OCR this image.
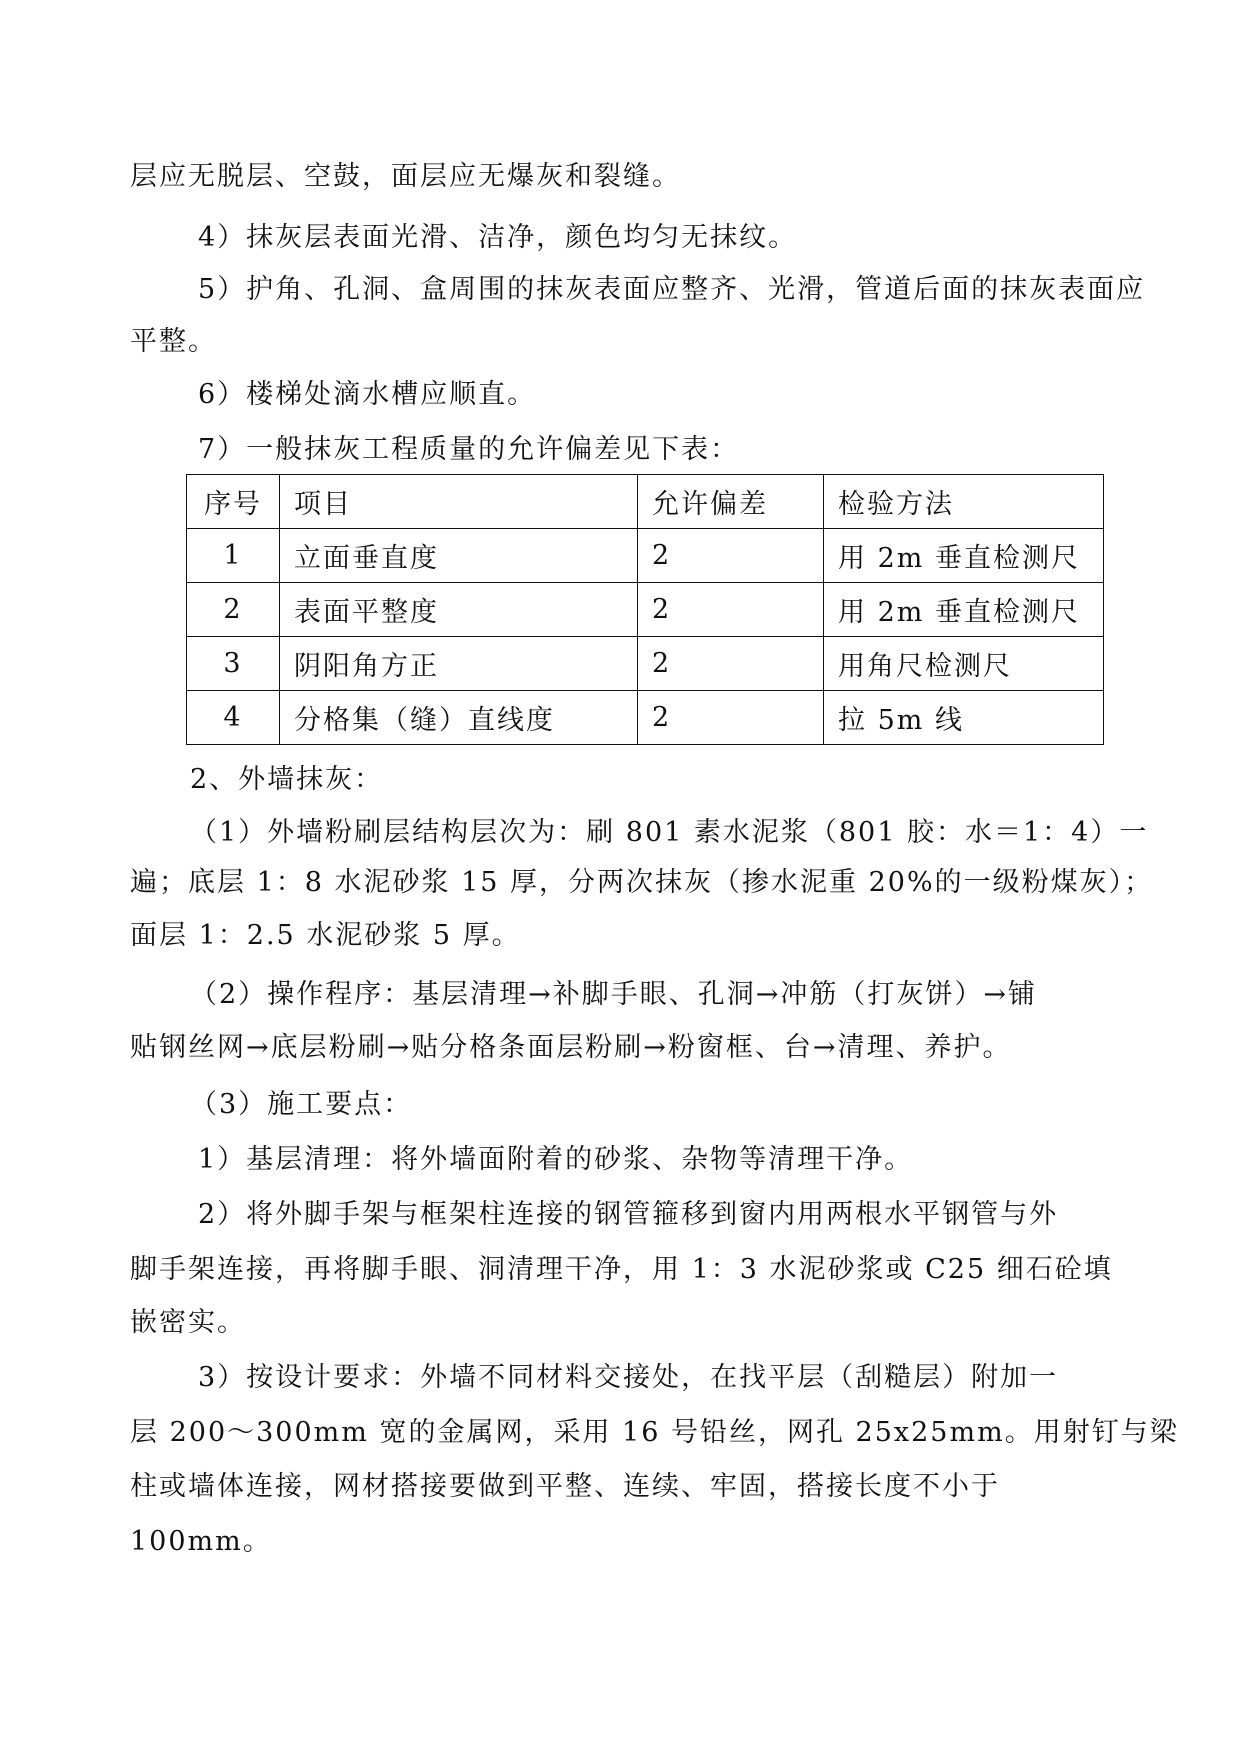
层应无脱层、空鼓，面层应无爆灰和裂缝。
4）抹灰层表面光滑、洁净，颜色均匀无抹纹。
5）护角、孔洞、盒周围的抹灰表面应整齐、光滑，管道后面的抹灰表面应
平整。
6）楼梯处滴水槽应顺直。
7）一般抹灰工程质量的允许偏差见下表：
序号	项目	允许偏差	检验方法
1	立面垂直度	2	用 2m 垂直检测尺
2	表面平整度	2	用 2m 垂直检测尺
3	阴阳角方正	2	用角尺检测尺
4	分格集（缝）直线度	2	拉 5m 线
2、外墙抹灰：
（1）外墙粉刷层结构层次为：刷 801 素水泥浆（801 胶：水＝1：4）一
遍；底层 1：8 水泥砂浆 15 厚，分两次抹灰（掺水泥重 20%的一级粉煤灰）；
面层 1：2.5 水泥砂浆 5 厚。
（2）操作程序：基层清理→补脚手眼、孔洞→冲筋（打灰饼）→铺
贴钢丝网→底层粉刷→贴分格条面层粉刷→粉窗框、台→清理、养护。
（3）施工要点：
1）基层清理：将外墙面附着的砂浆、杂物等清理干净。
2）将外脚手架与框架柱连接的钢管箍移到窗内用两根水平钢管与外
脚手架连接，再将脚手眼、洞清理干净，用 1：3 水泥砂浆或 C25 细石砼填
嵌密实。
3）按设计要求：外墙不同材料交接处，在找平层（刮糙层）附加一
层 200～300mm 宽的金属网，采用 16 号铅丝，网孔 25x25mm。用射钉与梁
柱或墙体连接，网材搭接要做到平整、连续、牢固，搭接长度不小于
100mm。
